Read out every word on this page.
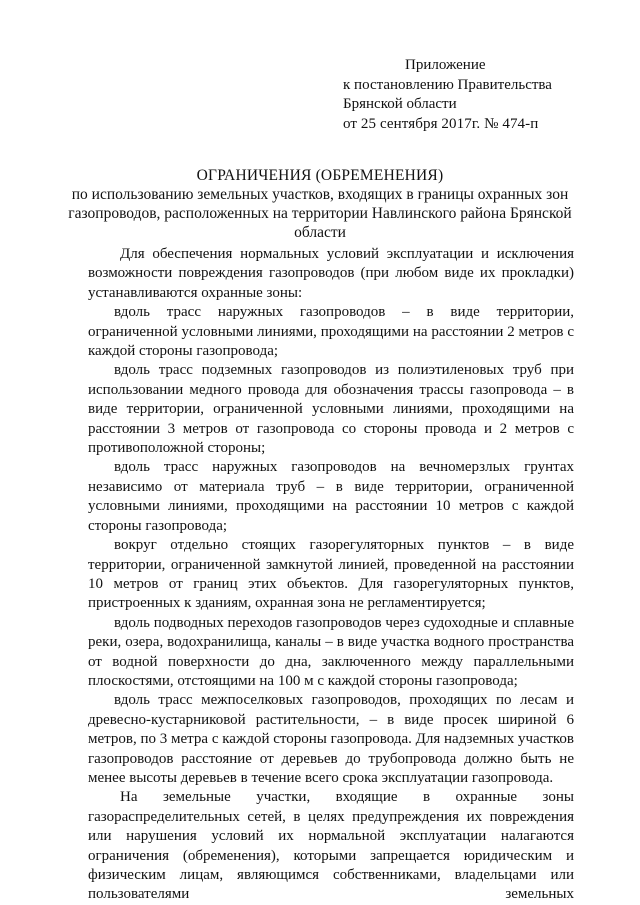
Приложение
к постановлению Правительства
Брянской области
от 25 сентября 2017г. № 474-п
ОГРАНИЧЕНИЯ (ОБРЕМЕНЕНИЯ)
по использованию земельных участков, входящих в границы охранных зон газопроводов, расположенных на территории Навлинского района Брянской области

Для обеспечения нормальных условий эксплуатации и исключения возможности повреждения газопроводов (при любом виде их прокладки) устанавливаются охранные зоны:

вдоль трасс наружных газопроводов – в виде территории, ограниченной условными линиями, проходящими на расстоянии 2 метров с каждой стороны газопровода;

вдоль трасс подземных газопроводов из полиэтиленовых труб при использовании медного провода для обозначения трассы газопровода – в виде территории, ограниченной условными линиями, проходящими на расстоянии 3 метров от газопровода со стороны провода и 2 метров с противоположной стороны;

вдоль трасс наружных газопроводов на вечномерзлых грунтах независимо от материала труб – в виде территории, ограниченной условными линиями, проходящими на расстоянии 10 метров с каждой стороны газопровода;

вокруг отдельно стоящих газорегуляторных пунктов – в виде территории, ограниченной замкнутой линией, проведенной на расстоянии 10 метров от границ этих объектов. Для газорегуляторных пунктов, пристроенных к зданиям, охранная зона не регламентируется;

вдоль подводных переходов газопроводов через судоходные и сплавные реки, озера, водохранилища, каналы – в виде участка водного пространства от водной поверхности до дна, заключенного между параллельными плоскостями, отстоящими на 100 м с каждой стороны газопровода;

вдоль трасс межпоселковых газопроводов, проходящих по лесам и древесно-кустарниковой растительности, – в виде просек шириной 6 метров, по 3 метра с каждой стороны газопровода. Для надземных участков газопроводов расстояние от деревьев до трубопровода должно быть не менее высоты деревьев в течение всего срока эксплуатации газопровода.

На земельные участки, входящие в охранные зоны газораспределительных сетей, в целях предупреждения их повреждения или нарушения условий их нормальной эксплуатации налагаются ограничения (обременения), которыми запрещается юридическим и физическим лицам, являющимся собственниками, владельцами или пользователями земельных
